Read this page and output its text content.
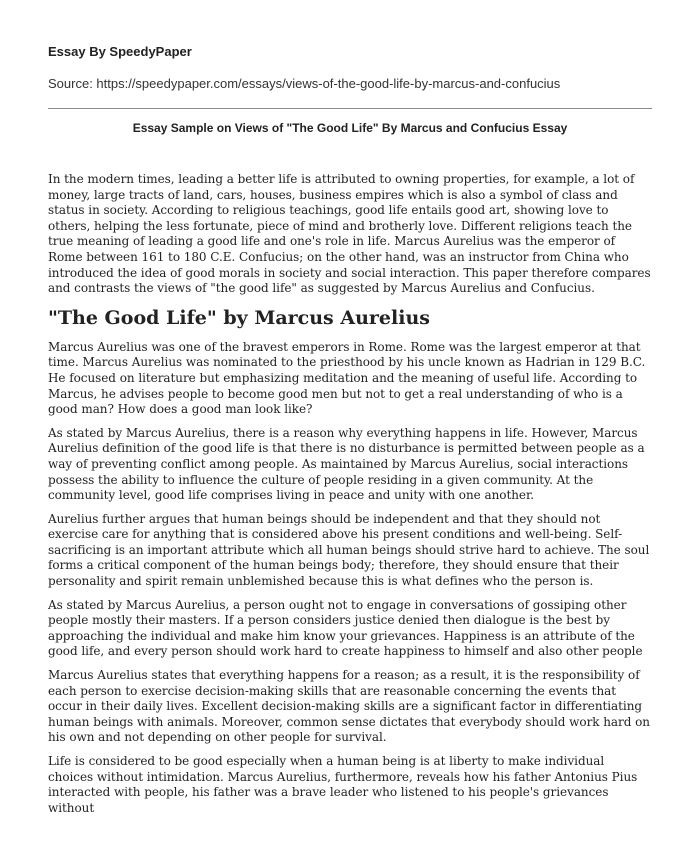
Essay By SpeedyPaper
Source: https://speedypaper.com/essays/views-of-the-good-life-by-marcus-and-confucius
Essay Sample on Views of "The Good Life" By Marcus and Confucius Essay

In the modern times, leading a better life is attributed to owning properties, for example, a lot of money, large tracts of land, cars, houses, business empires which is also a symbol of class and status in society. According to religious teachings, good life entails good art, showing love to others, helping the less fortunate, piece of mind and brotherly love. Different religions teach the true meaning of leading a good life and one's role in life. Marcus Aurelius was the emperor of Rome between 161 to 180 C.E. Confucius; on the other hand, was an instructor from China who introduced the idea of good morals in society and social interaction. This paper therefore compares and contrasts the views of "the good life" as suggested by Marcus Aurelius and Confucius.

"The Good Life" by Marcus Aurelius

Marcus Aurelius was one of the bravest emperors in Rome. Rome was the largest emperor at that time. Marcus Aurelius was nominated to the priesthood by his uncle known as Hadrian in 129 B.C. He focused on literature but emphasizing meditation and the meaning of useful life. According to Marcus, he advises people to become good men but not to get a real understanding of who is a good man? How does a good man look like?

As stated by Marcus Aurelius, there is a reason why everything happens in life. However, Marcus Aurelius definition of the good life is that there is no disturbance is permitted between people as a way of preventing conflict among people. As maintained by Marcus Aurelius, social interactions possess the ability to influence the culture of people residing in a given community. At the community level, good life comprises living in peace and unity with one another.

Aurelius further argues that human beings should be independent and that they should not exercise care for anything that is considered above his present conditions and well-being. Self-sacrificing is an important attribute which all human beings should strive hard to achieve. The soul forms a critical component of the human beings body; therefore, they should ensure that their personality and spirit remain unblemished because this is what defines who the person is.

As stated by Marcus Aurelius, a person ought not to engage in conversations of gossiping other people mostly their masters. If a person considers justice denied then dialogue is the best by approaching the individual and make him know your grievances. Happiness is an attribute of the good life, and every person should work hard to create happiness to himself and also other people

Marcus Aurelius states that everything happens for a reason; as a result, it is the responsibility of each person to exercise decision-making skills that are reasonable concerning the events that occur in their daily lives. Excellent decision-making skills are a significant factor in differentiating human beings with animals. Moreover, common sense dictates that everybody should work hard on his own and not depending on other people for survival.

Life is considered to be good especially when a human being is at liberty to make individual choices without intimidation. Marcus Aurelius, furthermore, reveals how his father Antonius Pius interacted with people, his father was a brave leader who listened to his people's grievances without
